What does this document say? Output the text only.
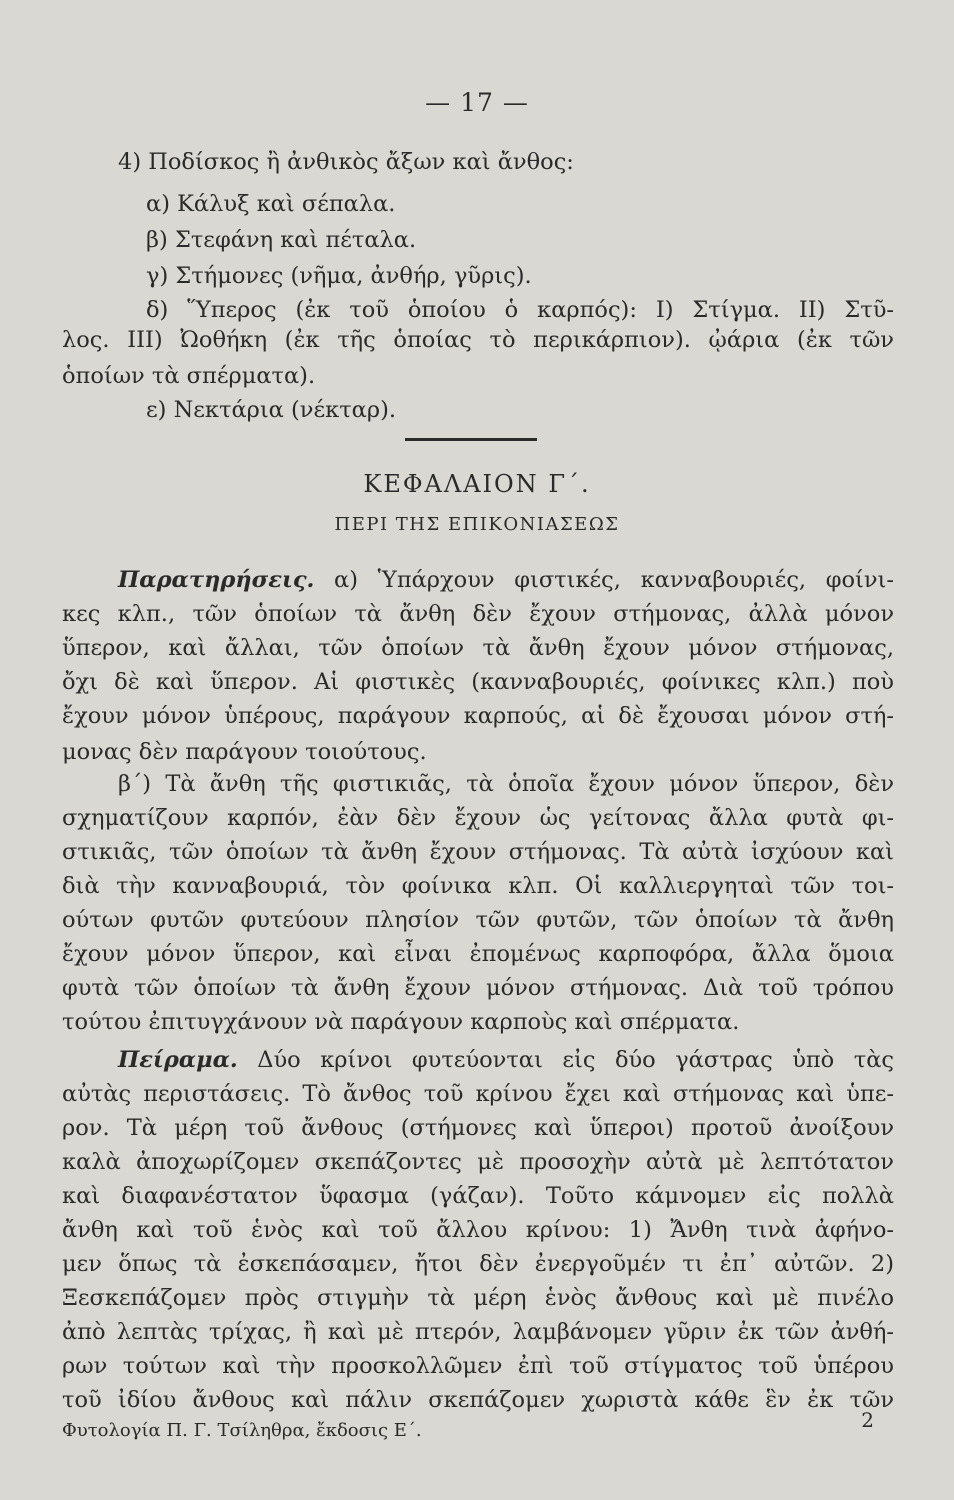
— 17 —
4) Ποδίσκος ἢ ἀνθικὸς ἄξων καὶ ἄνθος:
α) Κάλυξ καὶ σέπαλα.
β) Στεφάνη καὶ πέταλα.
γ) Στήμονες (νῆμα, ἀνθήρ, γῦρις).
δ) Ὕπερος (ἐκ τοῦ ὁποίου ὁ καρπός): Ι) Στίγμα. ΙΙ) Στῦ-
λος. ΙΙΙ) Ὠοθήκη (ἐκ τῆς ὁποίας τὸ περικάρπιον). ᾠάρια (ἐκ τῶν
ὁποίων τὰ σπέρματα).
ε) Νεκτάρια (νέκταρ).
ΚΕΦΑΛΑΙΟΝ Γ΄.
ΠΕΡΙ ΤΗΣ ΕΠΙΚΟΝΙΑΣΕΩΣ
Παρατηρήσεις. α) Ὑπάρχουν φιστικές, κανναβουριές, φοίνι-
κες κλπ., τῶν ὁποίων τὰ ἄνθη δὲν ἔχουν στήμονας, ἀλλὰ μόνον
ὕπερον, καὶ ἄλλαι, τῶν ὁποίων τὰ ἄνθη ἔχουν μόνον στήμονας,
ὄχι δὲ καὶ ὕπερον. Αἱ φιστικὲς (κανναβουριές, φοίνικες κλπ.) ποὺ
ἔχουν μόνον ὑπέρους, παράγουν καρπούς, αἱ δὲ ἔχουσαι μόνον στή-
μονας δὲν παράγουν τοιούτους.
β΄) Τὰ ἄνθη τῆς φιστικιᾶς, τὰ ὁποῖα ἔχουν μόνον ὕπερον, δὲν
σχηματίζουν καρπόν, ἐὰν δὲν ἔχουν ὡς γείτονας ἄλλα φυτὰ φι-
στικιᾶς, τῶν ὁποίων τὰ ἄνθη ἔχουν στήμονας. Τὰ αὐτὰ ἰσχύουν καὶ
διὰ τὴν κανναβουριά, τὸν φοίνικα κλπ. Οἱ καλλιεργηταὶ τῶν τοι-
ούτων φυτῶν φυτεύουν πλησίον τῶν φυτῶν, τῶν ὁποίων τὰ ἄνθη
ἔχουν μόνον ὕπερον, καὶ εἶναι ἐπομένως καρποφόρα, ἄλλα ὅμοια
φυτὰ τῶν ὁποίων τὰ ἄνθη ἔχουν μόνον στήμονας. Διὰ τοῦ τρόπου
τούτου ἐπιτυγχάνουν νὰ παράγουν καρποὺς καὶ σπέρματα.
Πείραμα. Δύο κρίνοι φυτεύονται εἰς δύο γάστρας ὑπὸ τὰς
αὐτὰς περιστάσεις. Τὸ ἄνθος τοῦ κρίνου ἔχει καὶ στήμονας καὶ ὑπε-
ρον. Τὰ μέρη τοῦ ἄνθους (στήμονες καὶ ὕπεροι) προτοῦ ἀνοίξουν
καλὰ ἀποχωρίζομεν σκεπάζοντες μὲ προσοχὴν αὐτὰ μὲ λεπτότατον
καὶ διαφανέστατον ὕφασμα (γάζαν). Τοῦτο κάμνομεν εἰς πολλὰ
ἄνθη καὶ τοῦ ἑνὸς καὶ τοῦ ἄλλου κρίνου: 1) Ἄνθη τινὰ ἀφήνο-
μεν ὅπως τὰ ἐσκεπάσαμεν, ἤτοι δὲν ἐνεργοῦμέν τι ἐπ᾿ αὐτῶν. 2)
Ξεσκεπάζομεν πρὸς στιγμὴν τὰ μέρη ἑνὸς ἄνθους καὶ μὲ πινέλο
ἀπὸ λεπτὰς τρίχας, ἢ καὶ μὲ πτερόν, λαμβάνομεν γῦριν ἐκ τῶν ἀνθή-
ρων τούτων καὶ τὴν προσκολλῶμεν ἐπὶ τοῦ στίγματος τοῦ ὑπέρου
τοῦ ἰδίου ἄνθους καὶ πάλιν σκεπάζομεν χωριστὰ κάθε ἓν ἐκ τῶν
Φυτολογία Π. Γ. Τσίληθρα, ἔκδοσις Ε΄.	2
